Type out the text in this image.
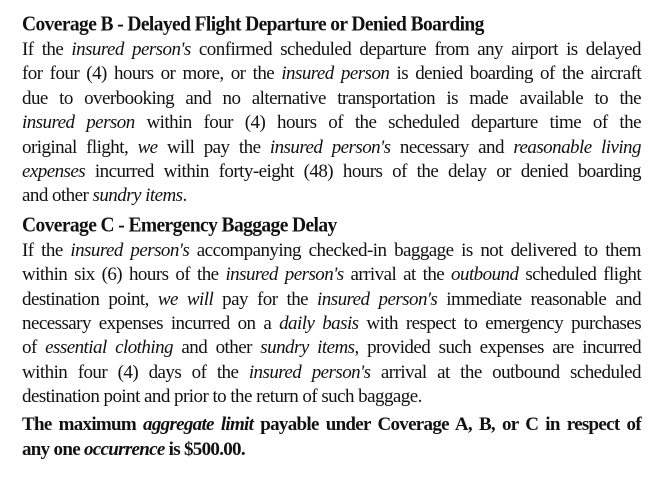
Coverage B - Delayed Flight Departure or Denied Boarding
If the insured person's confirmed scheduled departure from any airport is delayed
for four (4) hours or more, or the insured person is denied boarding of the aircraft
due to overbooking and no alternative transportation is made available to the
insured person within four (4) hours of the scheduled departure time of the
original flight, we will pay the insured person's necessary and reasonable living
expenses incurred within forty-eight (48) hours of the delay or denied boarding
and other sundry items.
Coverage C - Emergency Baggage Delay
If the insured person's accompanying checked-in baggage is not delivered to them
within six (6) hours of the insured person's arrival at the outbound scheduled flight
destination point, we will pay for the insured person's immediate reasonable and
necessary expenses incurred on a daily basis with respect to emergency purchases
of essential clothing and other sundry items, provided such expenses are incurred
within four (4) days of the insured person's arrival at the outbound scheduled
destination point and prior to the return of such baggage.
The maximum aggregate limit payable under Coverage A, B, or C in respect of
any one occurrence is $500.00.
